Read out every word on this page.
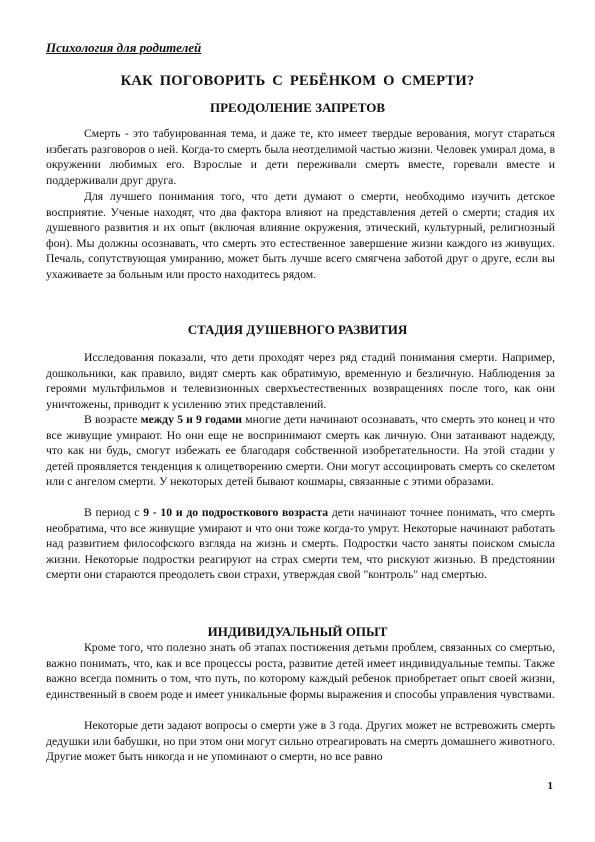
Психология для родителей
КАК ПОГОВОРИТЬ С РЕБЁНКОМ О СМЕРТИ?
ПРЕОДОЛЕНИЕ ЗАПРЕТОВ

Смерть - это табуированная тема, и даже те, кто имеет твердые верования, могут стараться избегать разговоров о ней. Когда-то смерть была неотделимой частью жизни. Человек умирал дома, в окружении любимых его. Взрослые и дети переживали смерть вместе, горевали вместе и поддерживали друг друга.

Для лучшего понимания того, что дети думают о смерти, необходимо изучить детское восприятие. Ученые находят, что два фактора влияют на представления детей о смерти; стадия их душевного развития и их опыт (включая влияние окружения, этический, культурный, религиозный фон). Мы должны осознавать, что смерть это естественное завершение жизни каждого из живущих. Печаль, сопутствующая умиранию, может быть лучше всего смягчена заботой друг о друге, если вы ухаживаете за больным или просто находитесь рядом.

СТАДИЯ ДУШЕВНОГО РАЗВИТИЯ

Исследования показали, что дети проходят через ряд стадий понимания смерти. Например, дошкольники, как правило, видят смерть как обратимую, временную и безличную. Наблюдения за героями мультфильмов и телевизионных сверхъестественных возвращениях после того, как они уничтожены, приводит к усилению этих представлений.

В возрасте между 5 и 9 годами многие дети начинают осознавать, что смерть это конец и что все живущие умирают. Но они еще не воспринимают смерть как личную. Они затаивают надежду, что как ни будь, смогут избежать ее благодаря собственной изобретательности. На этой стадии у детей проявляется тенденция к олицетворению смерти. Они могут ассоциировать смерть со скелетом или с ангелом смерти. У некоторых детей бывают кошмары, связанные с этими образами.

В период с 9 - 10 и до подросткового возраста дети начинают точнее понимать, что смерть необратима, что все живущие умирают и что они тоже когда-то умрут. Некоторые начинают работать над развитием философского взгляда на жизнь и смерть. Подростки часто заняты поиском смысла жизни. Некоторые подростки реагируют на страх смерти тем, что рискуют жизнью. В предстоянии смерти они стараются преодолеть свои страхи, утверждая свой "контроль" над смертью.

ИНДИВИДУАЛЬНЫЙ ОПЫТ

Кроме того, что полезно знать об этапах постижения детьми проблем, связанных со смертью, важно понимать, что, как и все процессы роста, развитие детей имеет индивидуальные темпы. Также важно всегда помнить о том, что путь, по которому каждый ребенок приобретает опыт своей жизни, единственный в своем роде и имеет уникальные формы выражения и способы управления чувствами.

Некоторые дети задают вопросы о смерти уже в 3 года. Других может не встревожить смерть дедушки или бабушки, но при этом они могут сильно отреагировать на смерть домашнего животного. Другие может быть никогда и не упоминают о смерти, но все равно

1
